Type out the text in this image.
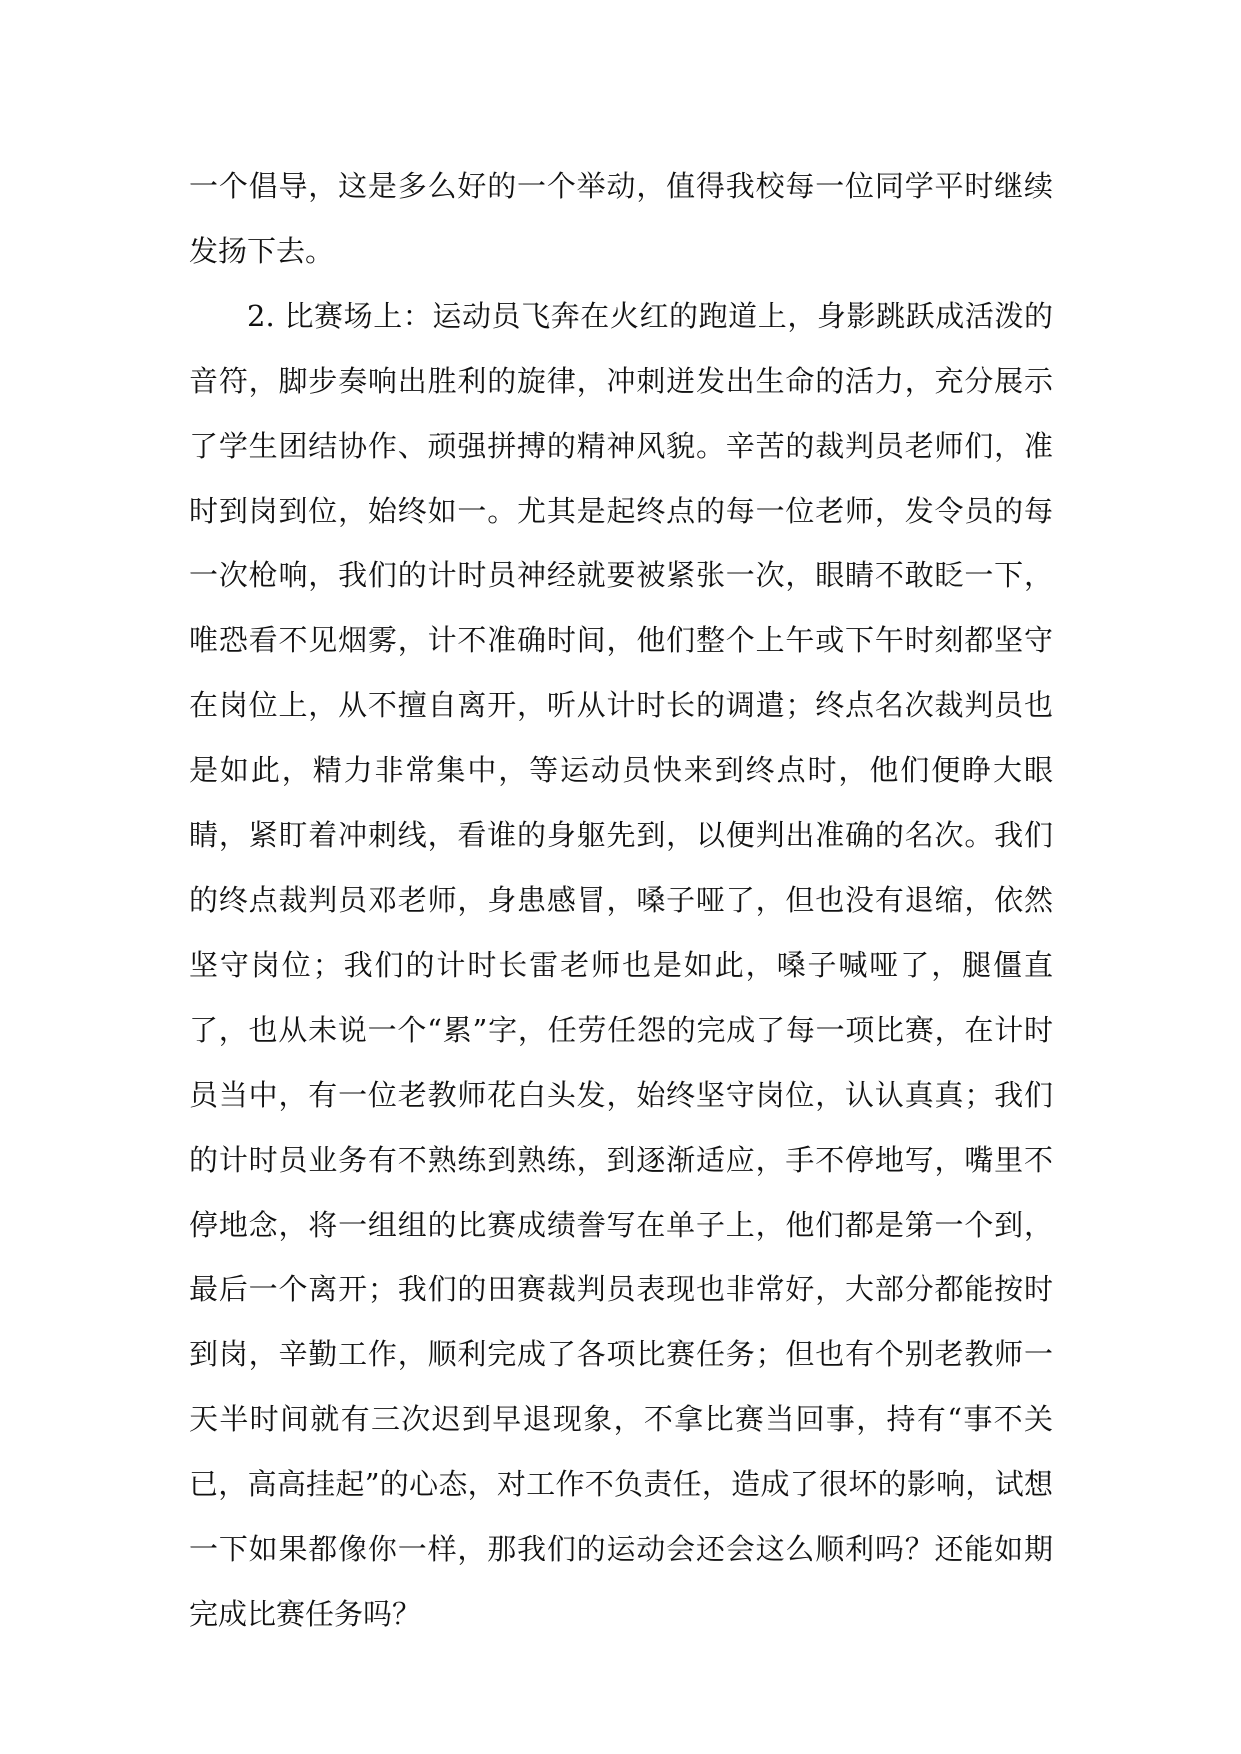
一个倡导，这是多么好的一个举动，值得我校每一位同学平时继续发扬下去。

2. 比赛场上：运动员飞奔在火红的跑道上，身影跳跃成活泼的音符，脚步奏响出胜利的旋律，冲刺迸发出生命的活力，充分展示了学生团结协作、顽强拼搏的精神风貌。辛苦的裁判员老师们，准时到岗到位，始终如一。尤其是起终点的每一位老师，发令员的每一次枪响，我们的计时员神经就要被紧张一次，眼睛不敢眨一下，唯恐看不见烟雾，计不准确时间，他们整个上午或下午时刻都坚守在岗位上，从不擅自离开，听从计时长的调遣；终点名次裁判员也是如此，精力非常集中，等运动员快来到终点时，他们便睁大眼睛，紧盯着冲刺线，看谁的身躯先到，以便判出准确的名次。我们的终点裁判员邓老师，身患感冒，嗓子哑了，但也没有退缩，依然坚守岗位；我们的计时长雷老师也是如此，嗓子喊哑了，腿僵直了，也从未说一个“累”字，任劳任怨的完成了每一项比赛，在计时员当中，有一位老教师花白头发，始终坚守岗位，认认真真；我们的计时员业务有不熟练到熟练，到逐渐适应，手不停地写，嘴里不停地念，将一组组的比赛成绩誊写在单子上，他们都是第一个到，最后一个离开；我们的田赛裁判员表现也非常好，大部分都能按时到岗，辛勤工作，顺利完成了各项比赛任务；但也有个别老教师一天半时间就有三次迟到早退现象，不拿比赛当回事，持有“事不关已，高高挂起”的心态，对工作不负责任，造成了很坏的影响，试想一下如果都像你一样，那我们的运动会还会这么顺利吗？还能如期完成比赛任务吗？
